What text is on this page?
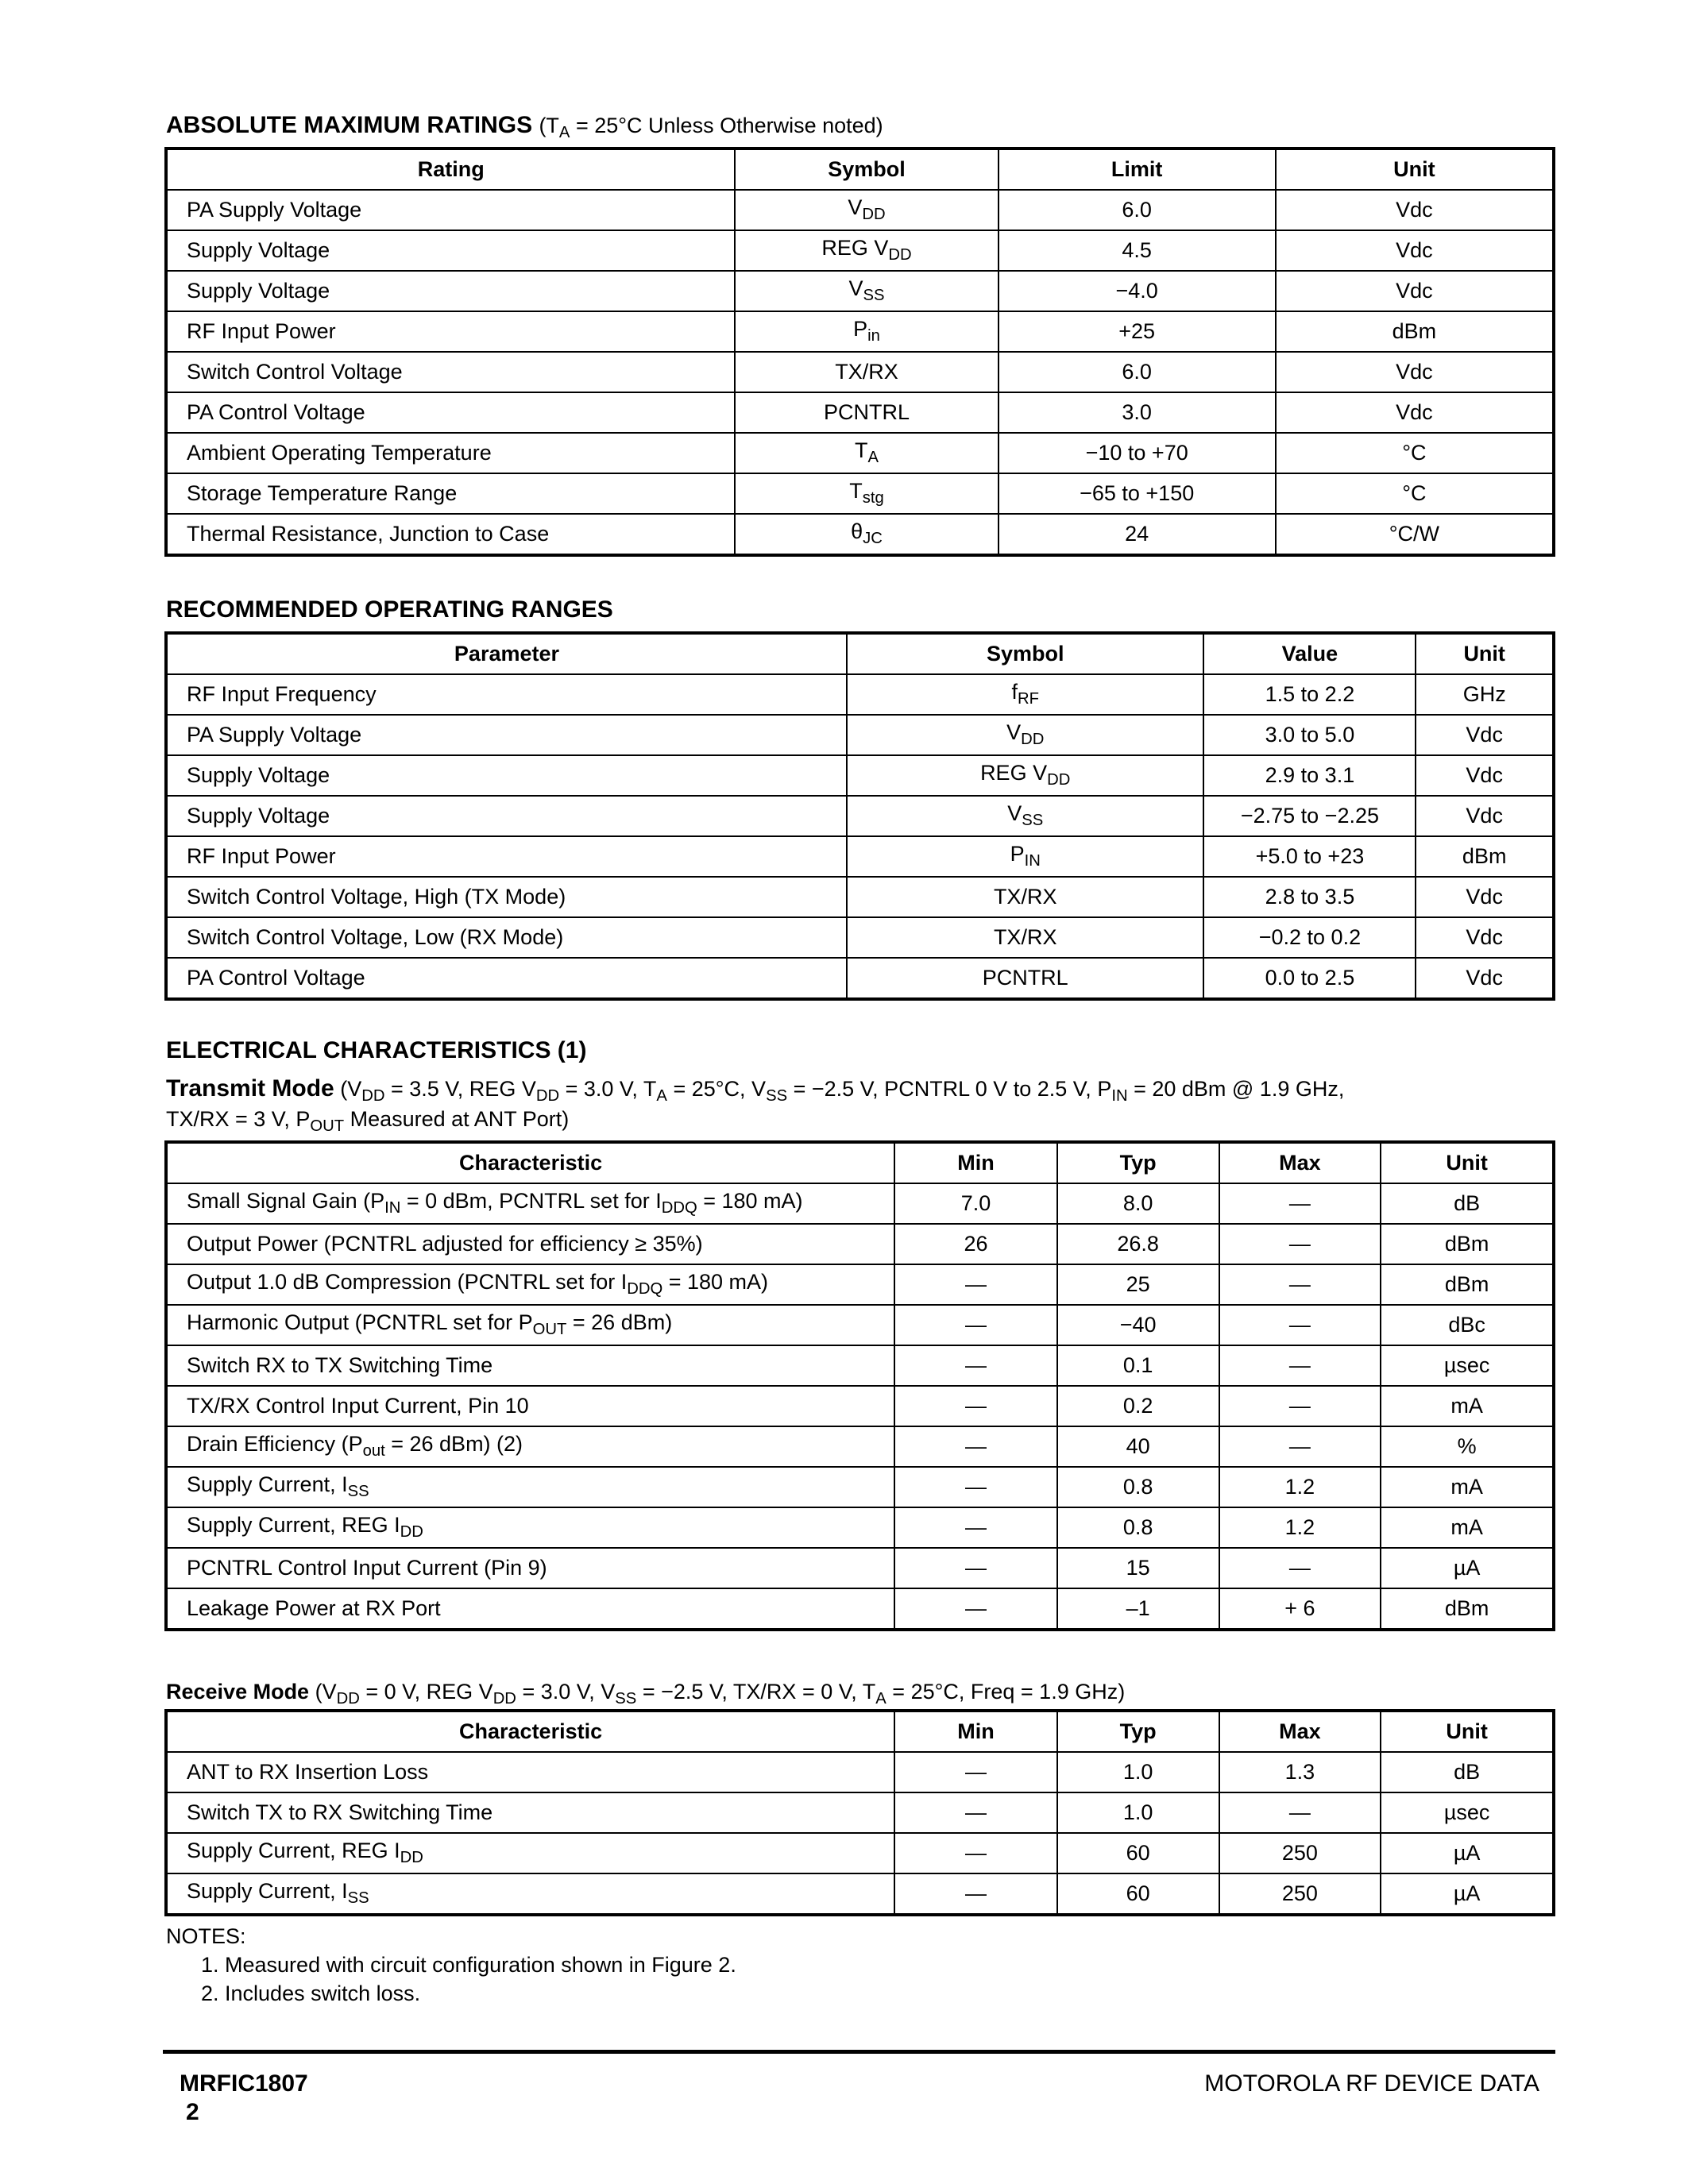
ABSOLUTE MAXIMUM RATINGS ($T_A = 25^\circ C$ Unless Otherwise noted)
Rating	Symbol	Limit	Unit
PA Supply Voltage	$V_{DD}$	6.0	Vdc
Supply Voltage	REG $V_{DD}$	4.5	Vdc
Supply Voltage	$V_{SS}$	−4.0	Vdc
RF Input Power	$P_{in}$	+25	dBm
Switch Control Voltage	TX/RX	6.0	Vdc
PA Control Voltage	PCNTRL	3.0	Vdc
Ambient Operating Temperature	$T_A$	−10 to +70	°C
Storage Temperature Range	$T_{stg}$	−65 to +150	°C
Thermal Resistance, Junction to Case	$\theta_{JC}$	24	°C/W
RECOMMENDED OPERATING RANGES
Parameter	Symbol	Value	Unit
RF Input Frequency	$f_{RF}$	1.5 to 2.2	GHz
PA Supply Voltage	$V_{DD}$	3.0 to 5.0	Vdc
Supply Voltage	REG $V_{DD}$	2.9 to 3.1	Vdc
Supply Voltage	$V_{SS}$	−2.75 to −2.25	Vdc
RF Input Power	$P_{IN}$	+5.0 to +23	dBm
Switch Control Voltage, High (TX Mode)	TX/RX	2.8 to 3.5	Vdc
Switch Control Voltage, Low (RX Mode)	TX/RX	−0.2 to 0.2	Vdc
PA Control Voltage	PCNTRL	0.0 to 2.5	Vdc
ELECTRICAL CHARACTERISTICS (1)
Transmit Mode ($V_{DD} = 3.5$ V, REG $V_{DD} = 3.0$ V, $T_A = 25^\circ C$, $V_{SS} = -2.5$ V, PCNTRL 0 V to 2.5 V, $P_{IN} = 20$ dBm @ 1.9 GHz,
TX/RX = 3 V, $P_{OUT}$ Measured at ANT Port)
Characteristic	Min	Typ	Max	Unit
Small Signal Gain ($P_{IN} = 0$ dBm, PCNTRL set for $I_{DDQ} = 180$ mA)	7.0	8.0	—	dB
Output Power (PCNTRL adjusted for efficiency ≥ 35%)	26	26.8	—	dBm
Output 1.0 dB Compression (PCNTRL set for $I_{DDQ} = 180$ mA)	—	25	—	dBm
Harmonic Output (PCNTRL set for $P_{OUT} = 26$ dBm)	—	−40	—	dBc
Switch RX to TX Switching Time	—	0.1	—	µsec
TX/RX Control Input Current, Pin 10	—	0.2	—	mA
Drain Efficiency ($P_{out} = 26$ dBm) (2)	—	40	—	%
Supply Current, $I_{SS}$	—	0.8	1.2	mA
Supply Current, REG $I_{DD}$	—	0.8	1.2	mA
PCNTRL Control Input Current (Pin 9)	—	15	—	µA
Leakage Power at RX Port	—	–1	+ 6	dBm
Receive Mode ($V_{DD} = 0$ V, REG $V_{DD} = 3.0$ V, $V_{SS} = -2.5$ V, TX/RX = 0 V, $T_A = 25^\circ C$, Freq = 1.9 GHz)
Characteristic	Min	Typ	Max	Unit
ANT to RX Insertion Loss	—	1.0	1.3	dB
Switch TX to RX Switching Time	—	1.0	—	µsec
Supply Current, REG $I_{DD}$	—	60	250	µA
Supply Current, $I_{SS}$	—	60	250	µA
NOTES:
1. Measured with circuit configuration shown in Figure 2.
2. Includes switch loss.
MRFIC1807
2
MOTOROLA RF DEVICE DATA
